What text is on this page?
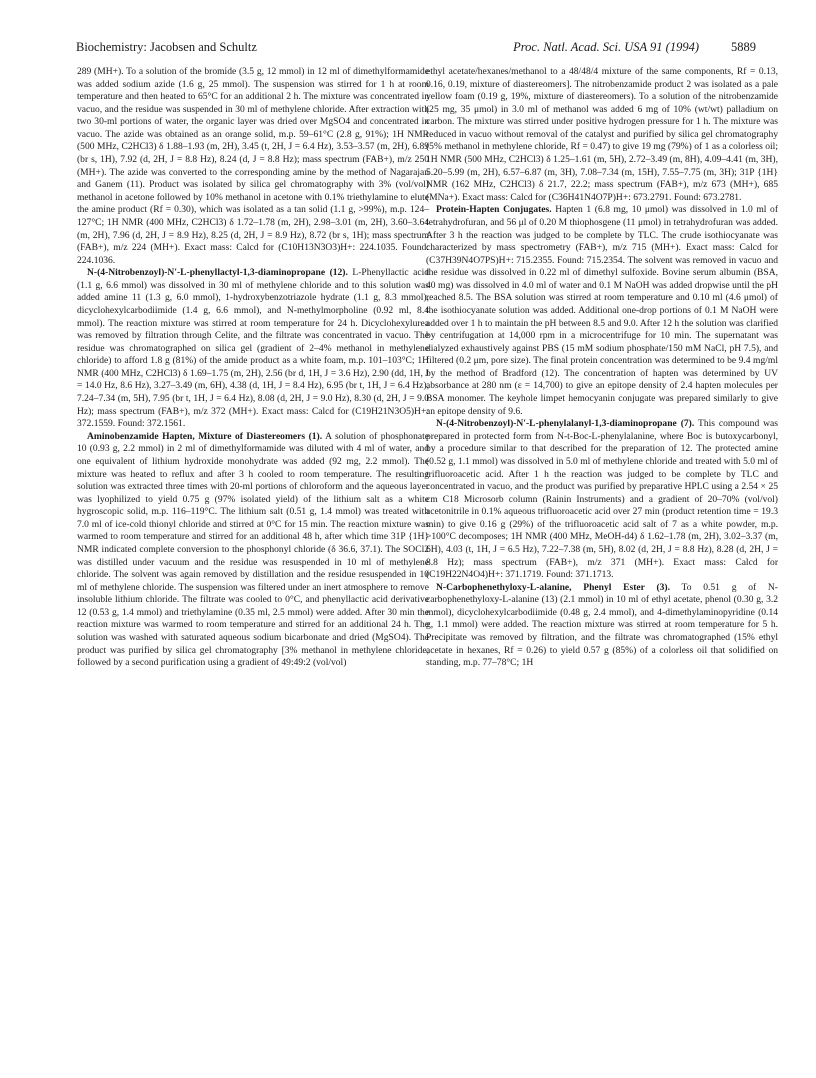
Biochemistry: Jacobsen and Schultz	Proc. Natl. Acad. Sci. USA 91 (1994)	5889

289 (MH+). To a solution of the bromide (3.5 g, 12 mmol) in 12 ml of dimethylformamide was added sodium azide (1.6 g, 25 mmol). The suspension was stirred for 1 h at room temperature and then heated to 65°C for an additional 2 h. The mixture was concentrated in vacuo, and the residue was suspended in 30 ml of methylene chloride. After extraction with two 30-ml portions of water, the organic layer was dried over MgSO4 and concentrated in vacuo. The azide was obtained as an orange solid, m.p. 59–61°C (2.8 g, 91%); 1H NMR (500 MHz, C2HCl3) δ 1.88–1.93 (m, 2H), 3.45 (t, 2H, J = 6.4 Hz), 3.53–3.57 (m, 2H), 6.89 (br s, 1H), 7.92 (d, 2H, J = 8.8 Hz), 8.24 (d, J = 8.8 Hz); mass spectrum (FAB+), m/z 250 (MH+). The azide was converted to the corresponding amine by the method of Nagarajan and Ganem (11). Product was isolated by silica gel chromatography with 3% (vol/vol) methanol in acetone followed by 10% methanol in acetone with 0.1% triethylamine to elute the amine product (Rf = 0.30), which was isolated as a tan solid (1.1 g, >99%), m.p. 124–127°C; 1H NMR (400 MHz, C2HCl3) δ 1.72–1.78 (m, 2H), 2.98–3.01 (m, 2H), 3.60–3.64 (m, 2H), 7.96 (d, 2H, J = 8.9 Hz), 8.25 (d, 2H, J = 8.9 Hz), 8.72 (br s, 1H); mass spectrum (FAB+), m/z 224 (MH+). Exact mass: Calcd for (C10H13N3O3)H+: 224.1035. Found: 224.1036.

N-(4-Nitrobenzoyl)-N′-L-phenyllactyl-1,3-diaminopropane (12). L-Phenyllactic acid (1.1 g, 6.6 mmol) was dissolved in 30 ml of methylene chloride and to this solution was added amine 11 (1.3 g, 6.0 mmol), 1-hydroxybenzotriazole hydrate (1.1 g, 8.3 mmol), dicyclohexylcarbodiimide (1.4 g, 6.6 mmol), and N-methylmorpholine (0.92 ml, 8.4 mmol). The reaction mixture was stirred at room temperature for 24 h. Dicyclohexylurea was removed by filtration through Celite, and the filtrate was concentrated in vacuo. The residue was chromatographed on silica gel (gradient of 2–4% methanol in methylene chloride) to afford 1.8 g (81%) of the amide product as a white foam, m.p. 101–103°C; 1H NMR (400 MHz, C2HCl3) δ 1.69–1.75 (m, 2H), 2.56 (br d, 1H, J = 3.6 Hz), 2.90 (dd, 1H, J = 14.0 Hz, 8.6 Hz), 3.27–3.49 (m, 6H), 4.38 (d, 1H, J = 8.4 Hz), 6.95 (br t, 1H, J = 6.4 Hz), 7.24–7.34 (m, 5H), 7.95 (br t, 1H, J = 6.4 Hz), 8.08 (d, 2H, J = 9.0 Hz), 8.30 (d, 2H, J = 9.0 Hz); mass spectrum (FAB+), m/z 372 (MH+). Exact mass: Calcd for (C19H21N3O5)H+: 372.1559. Found: 372.1561.

Aminobenzamide Hapten, Mixture of Diastereomers (1). A solution of phosphonate 10 (0.93 g, 2.2 mmol) in 2 ml of dimethylformamide was diluted with 4 ml of water, and one equivalent of lithium hydroxide monohydrate was added (92 mg, 2.2 mmol). The mixture was heated to reflux and after 3 h cooled to room temperature. The resulting solution was extracted three times with 20-ml portions of chloroform and the aqueous layer was lyophilized to yield 0.75 g (97% isolated yield) of the lithium salt as a white hygroscopic solid, m.p. 116–119°C. The lithium salt (0.51 g, 1.4 mmol) was treated with 7.0 ml of ice-cold thionyl chloride and stirred at 0°C for 15 min. The reaction mixture was warmed to room temperature and stirred for an additional 48 h, after which time 31P {1H} NMR indicated complete conversion to the phosphonyl chloride (δ 36.6, 37.1). The SOCl2 was distilled under vacuum and the residue was resuspended in 10 ml of methylene chloride. The solvent was again removed by distillation and the residue resuspended in 10 ml of methylene chloride. The suspension was filtered under an inert atmosphere to remove insoluble lithium chloride. The filtrate was cooled to 0°C, and phenyllactic acid derivative 12 (0.53 g, 1.4 mmol) and triethylamine (0.35 ml, 2.5 mmol) were added. After 30 min the reaction mixture was warmed to room temperature and stirred for an additional 24 h. The solution was washed with saturated aqueous sodium bicarbonate and dried (MgSO4). The product was purified by silica gel chromatography [3% methanol in methylene chloride, followed by a second purification using a gradient of 49:49:2 (vol/vol)

ethyl acetate/hexanes/methanol to a 48/48/4 mixture of the same components, Rf = 0.13, 0.16, 0.19, mixture of diastereomers]. The nitrobenzamide product 2 was isolated as a pale yellow foam (0.19 g, 19%, mixture of diastereomers). To a solution of the nitrobenzamide (25 mg, 35 μmol) in 3.0 ml of methanol was added 6 mg of 10% (wt/wt) palladium on carbon. The mixture was stirred under positive hydrogen pressure for 1 h. The mixture was reduced in vacuo without removal of the catalyst and purified by silica gel chromatography (5% methanol in methylene chloride, Rf = 0.47) to give 19 mg (79%) of 1 as a colorless oil; 1H NMR (500 MHz, C2HCl3) δ 1.25–1.61 (m, 5H), 2.72–3.49 (m, 8H), 4.09–4.41 (m, 3H), 5.20–5.99 (m, 2H), 6.57–6.87 (m, 3H), 7.08–7.34 (m, 15H), 7.55–7.75 (m, 3H); 31P {1H} NMR (162 MHz, C2HCl3) δ 21.7, 22.2; mass spectrum (FAB+), m/z 673 (MH+), 685 (MNa+). Exact mass: Calcd for (C36H41N4O7P)H+: 673.2791. Found: 673.2781.

Protein-Hapten Conjugates. Hapten 1 (6.8 mg, 10 μmol) was dissolved in 1.0 ml of tetrahydrofuran, and 56 μl of 0.20 M thiophosgene (11 μmol) in tetrahydrofuran was added. After 3 h the reaction was judged to be complete by TLC. The crude isothiocyanate was characterized by mass spectrometry (FAB+), m/z 715 (MH+). Exact mass: Calcd for (C37H39N4O7PS)H+: 715.2355. Found: 715.2354. The solvent was removed in vacuo and the residue was dissolved in 0.22 ml of dimethyl sulfoxide. Bovine serum albumin (BSA, 40 mg) was dissolved in 4.0 ml of water and 0.1 M NaOH was added dropwise until the pH reached 8.5. The BSA solution was stirred at room temperature and 0.10 ml (4.6 μmol) of the isothiocyanate solution was added. Additional one-drop portions of 0.1 M NaOH were added over 1 h to maintain the pH between 8.5 and 9.0. After 12 h the solution was clarified by centrifugation at 14,000 rpm in a microcentrifuge for 10 min. The supernatant was dialyzed exhaustively against PBS (15 mM sodium phosphate/150 mM NaCl, pH 7.5), and filtered (0.2 μm, pore size). The final protein concentration was determined to be 9.4 mg/ml by the method of Bradford (12). The concentration of hapten was determined by UV absorbance at 280 nm (ε = 14,700) to give an epitope density of 2.4 hapten molecules per BSA monomer. The keyhole limpet hemocyanin conjugate was prepared similarly to give an epitope density of 9.6.

N-(4-Nitrobenzoyl)-N′-L-phenylalanyl-1,3-diaminopropane (7). This compound was prepared in protected form from N-t-Boc-L-phenylalanine, where Boc is butoxycarbonyl, by a procedure similar to that described for the preparation of 12. The protected amine (0.52 g, 1.1 mmol) was dissolved in 5.0 ml of methylene chloride and treated with 5.0 ml of trifluoroacetic acid. After 1 h the reaction was judged to be complete by TLC and concentrated in vacuo, and the product was purified by preparative HPLC using a 2.54 × 25 cm C18 Microsorb column (Rainin Instruments) and a gradient of 20–70% (vol/vol) acetonitrile in 0.1% aqueous trifluoroacetic acid over 27 min (product retention time = 19.3 min) to give 0.16 g (29%) of the trifluoroacetic acid salt of 7 as a white powder, m.p. >100°C decomposes; 1H NMR (400 MHz, MeOH-d4) δ 1.62–1.78 (m, 2H), 3.02–3.37 (m, 6H), 4.03 (t, 1H, J = 6.5 Hz), 7.22–7.38 (m, 5H), 8.02 (d, 2H, J = 8.8 Hz), 8.28 (d, 2H, J = 8.8 Hz); mass spectrum (FAB+), m/z 371 (MH+). Exact mass: Calcd for (C19H22N4O4)H+: 371.1719. Found: 371.1713.

N-Carbophenethyloxy-L-alanine, Phenyl Ester (3). To 0.51 g of N-carbophenethyloxy-L-alanine (13) (2.1 mmol) in 10 ml of ethyl acetate, phenol (0.30 g, 3.2 mmol), dicyclohexylcarbodiimide (0.48 g, 2.4 mmol), and 4-dimethylaminopyridine (0.14 g, 1.1 mmol) were added. The reaction mixture was stirred at room temperature for 5 h. Precipitate was removed by filtration, and the filtrate was chromatographed (15% ethyl acetate in hexanes, Rf = 0.26) to yield 0.57 g (85%) of a colorless oil that solidified on standing, m.p. 77–78°C; 1H
